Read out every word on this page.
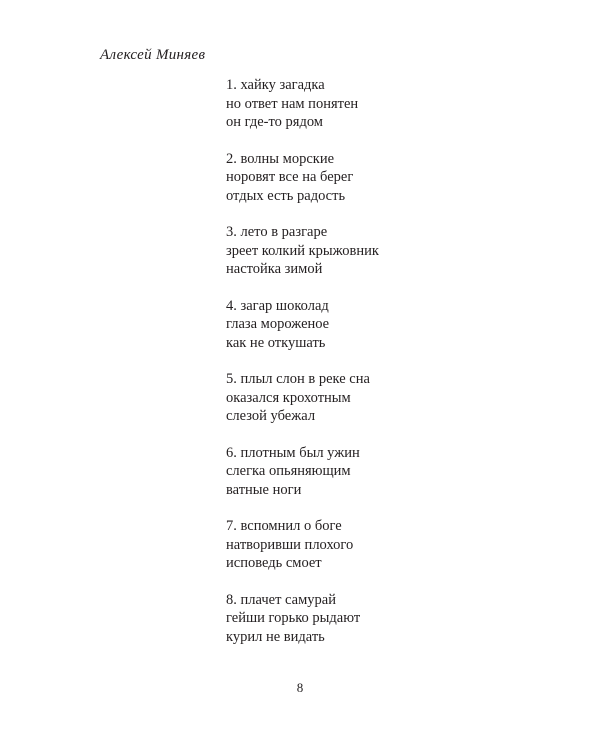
Алексей Миняев
1. хайку загадка
но ответ нам понятен
он где-то рядом
2. волны морские
норовят все на берег
отдых есть радость
3. лето в разгаре
зреет колкий крыжовник
настойка зимой
4. загар шоколад
глаза мороженое
как не откушать
5. плыл слон в реке сна
оказался крохотным
слезой убежал
6. плотным был ужин
слегка опьяняющим
ватные ноги
7. вспомнил о боге
натворивши плохого
исповедь смоет
8. плачет самурай
гейши горько рыдают
курил не видать
8
